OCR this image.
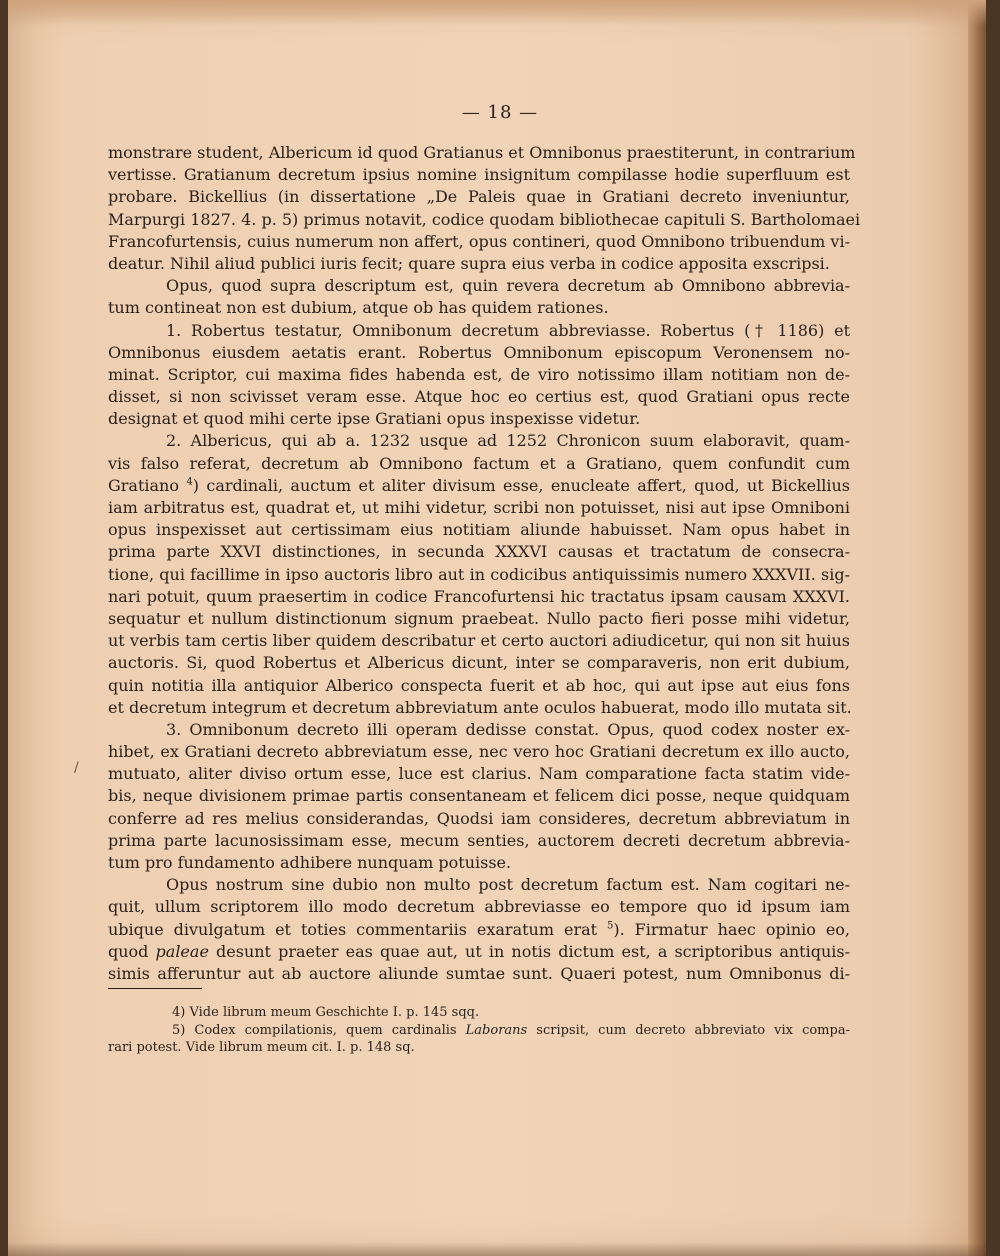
— 18 —
/
monstrare student, Albericum id quod Gratianus et Omnibonus praestiterunt, in contrarium
vertisse. Gratianum decretum ipsius nomine insignitum compilasse hodie superfluum est
probare. Bickellius (in dissertatione „De Paleis quae in Gratiani decreto inveniuntur,
Marpurgi 1827. 4. p. 5) primus notavit, codice quodam bibliothecae capituli S. Bartholomaei
Francofurtensis, cuius numerum non affert, opus contineri, quod Omnibono tribuendum vi-
deatur. Nihil aliud publici iuris fecit; quare supra eius verba in codice apposita exscripsi.
Opus, quod supra descriptum est, quin revera decretum ab Omnibono abbrevia-
tum contineat non est dubium, atque ob has quidem rationes.
1. Robertus testatur, Omnibonum decretum abbreviasse. Robertus († 1186) et
Omnibonus eiusdem aetatis erant. Robertus Omnibonum episcopum Veronensem no-
minat. Scriptor, cui maxima fides habenda est, de viro notissimo illam notitiam non de-
disset, si non scivisset veram esse. Atque hoc eo certius est, quod Gratiani opus recte
designat et quod mihi certe ipse Gratiani opus inspexisse videtur.
2. Albericus, qui ab a. 1232 usque ad 1252 Chronicon suum elaboravit, quam-
vis falso referat, decretum ab Omnibono factum et a Gratiano, quem confundit cum
Gratiano $^4$) cardinali, auctum et aliter divisum esse, enucleate affert, quod, ut Bickellius
iam arbitratus est, quadrat et, ut mihi videtur, scribi non potuisset, nisi aut ipse Omniboni
opus inspexisset aut certissimam eius notitiam aliunde habuisset. Nam opus habet in
prima parte XXVI distinctiones, in secunda XXXVI causas et tractatum de consecra-
tione, qui facillime in ipso auctoris libro aut in codicibus antiquissimis numero XXXVII. sig-
nari potuit, quum praesertim in codice Francofurtensi hic tractatus ipsam causam XXXVI.
sequatur et nullum distinctionum signum praebeat. Nullo pacto fieri posse mihi videtur,
ut verbis tam certis liber quidem describatur et certo auctori adiudicetur, qui non sit huius
auctoris. Si, quod Robertus et Albericus dicunt, inter se comparaveris, non erit dubium,
quin notitia illa antiquior Alberico conspecta fuerit et ab hoc, qui aut ipse aut eius fons
et decretum integrum et decretum abbreviatum ante oculos habuerat, modo illo mutata sit.
3. Omnibonum decreto illi operam dedisse constat. Opus, quod codex noster ex-
hibet, ex Gratiani decreto abbreviatum esse, nec vero hoc Gratiani decretum ex illo aucto,
mutuato, aliter diviso ortum esse, luce est clarius. Nam comparatione facta statim vide-
bis, neque divisionem primae partis consentaneam et felicem dici posse, neque quidquam
conferre ad res melius considerandas, Quodsi iam consideres, decretum abbreviatum in
prima parte lacunosissimam esse, mecum senties, auctorem decreti decretum abbrevia-
tum pro fundamento adhibere nunquam potuisse.
Opus nostrum sine dubio non multo post decretum factum est. Nam cogitari ne-
quit, ullum scriptorem illo modo decretum abbreviasse eo tempore quo id ipsum iam
ubique divulgatum et toties commentariis exaratum erat $^5$). Firmatur haec opinio eo,
quod paleae desunt praeter eas quae aut, ut in notis dictum est, a scriptoribus antiquis-
simis afferuntur aut ab auctore aliunde sumtae sunt. Quaeri potest, num Omnibonus di-
4) Vide librum meum Geschichte I. p. 145 sqq.
5) Codex compilationis, quem cardinalis Laborans scripsit, cum decreto abbreviato vix compa-
rari potest. Vide librum meum cit. I. p. 148 sq.
